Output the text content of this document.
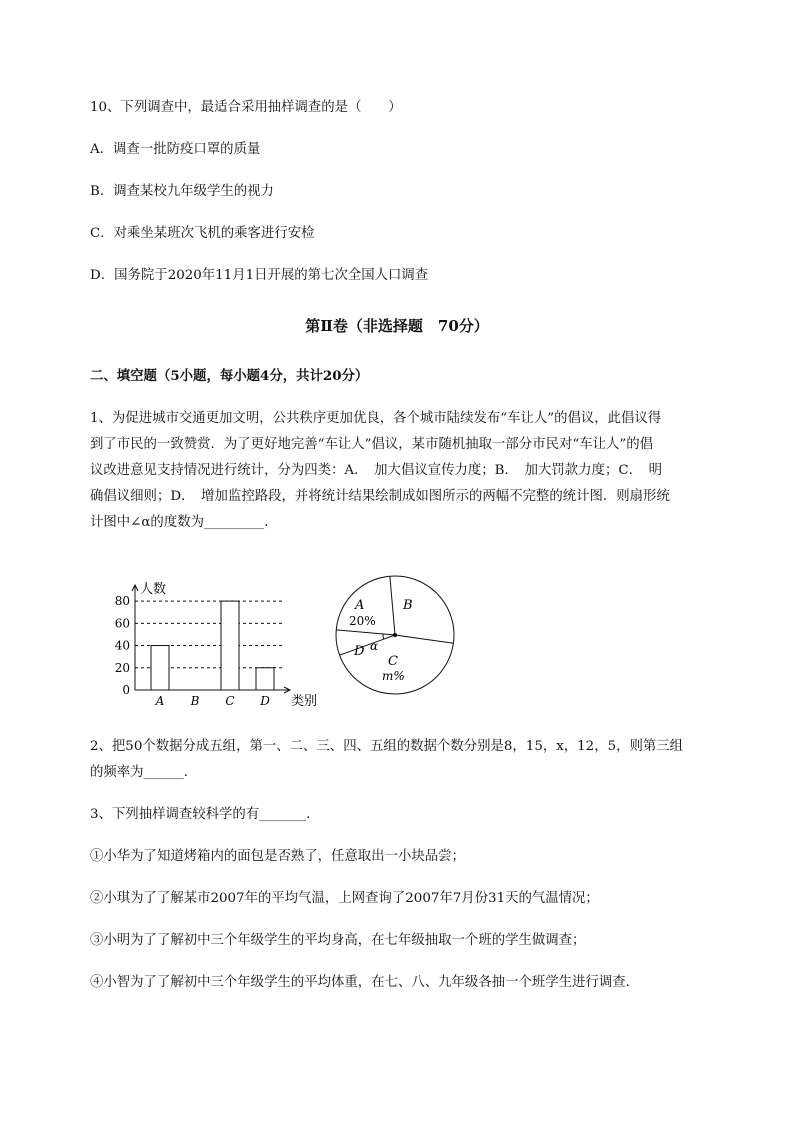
10、下列调查中，最适合采用抽样调查的是（　　）
A．调查一批防疫口罩的质量
B．调查某校九年级学生的视力
C．对乘坐某班次飞机的乘客进行安检
D．国务院于2020年11月1日开展的第七次全国人口调查
第Ⅱ卷（非选择题　70分）
二、填空题（5小题，每小题4分，共计20分）
1、为促进城市交通更加文明，公共秩序更加优良，各个城市陆续发布“车让人”的倡议，此倡议得
到了市民的一致赞赏．为了更好地完善“车让人”倡议，某市随机抽取一部分市民对“车让人”的倡
议改进意见支持情况进行统计，分为四类：A．　加大倡议宣传力度；B．　加大罚款力度；C．　明
确倡议细则；D．　增加监控路段，并将统计结果绘制成如图所示的两幅不完整的统计图．则扇形统
计图中∠α的度数为_________．
人数
类别
0
20
40
60
80
A B C D
A
20%
B
C
m%
D α
2、把50个数据分成五组，第一、二、三、四、五组的数据个数分别是8，15，x，12，5，则第三组
的频率为______．
3、下列抽样调查较科学的有_______．
①小华为了知道烤箱内的面包是否熟了，任意取出一小块品尝；
②小琪为了了解某市2007年的平均气温，上网查询了2007年7月份31天的气温情况；
③小明为了了解初中三个年级学生的平均身高，在七年级抽取一个班的学生做调查；
④小智为了了解初中三个年级学生的平均体重，在七、八、九年级各抽一个班学生进行调查．
